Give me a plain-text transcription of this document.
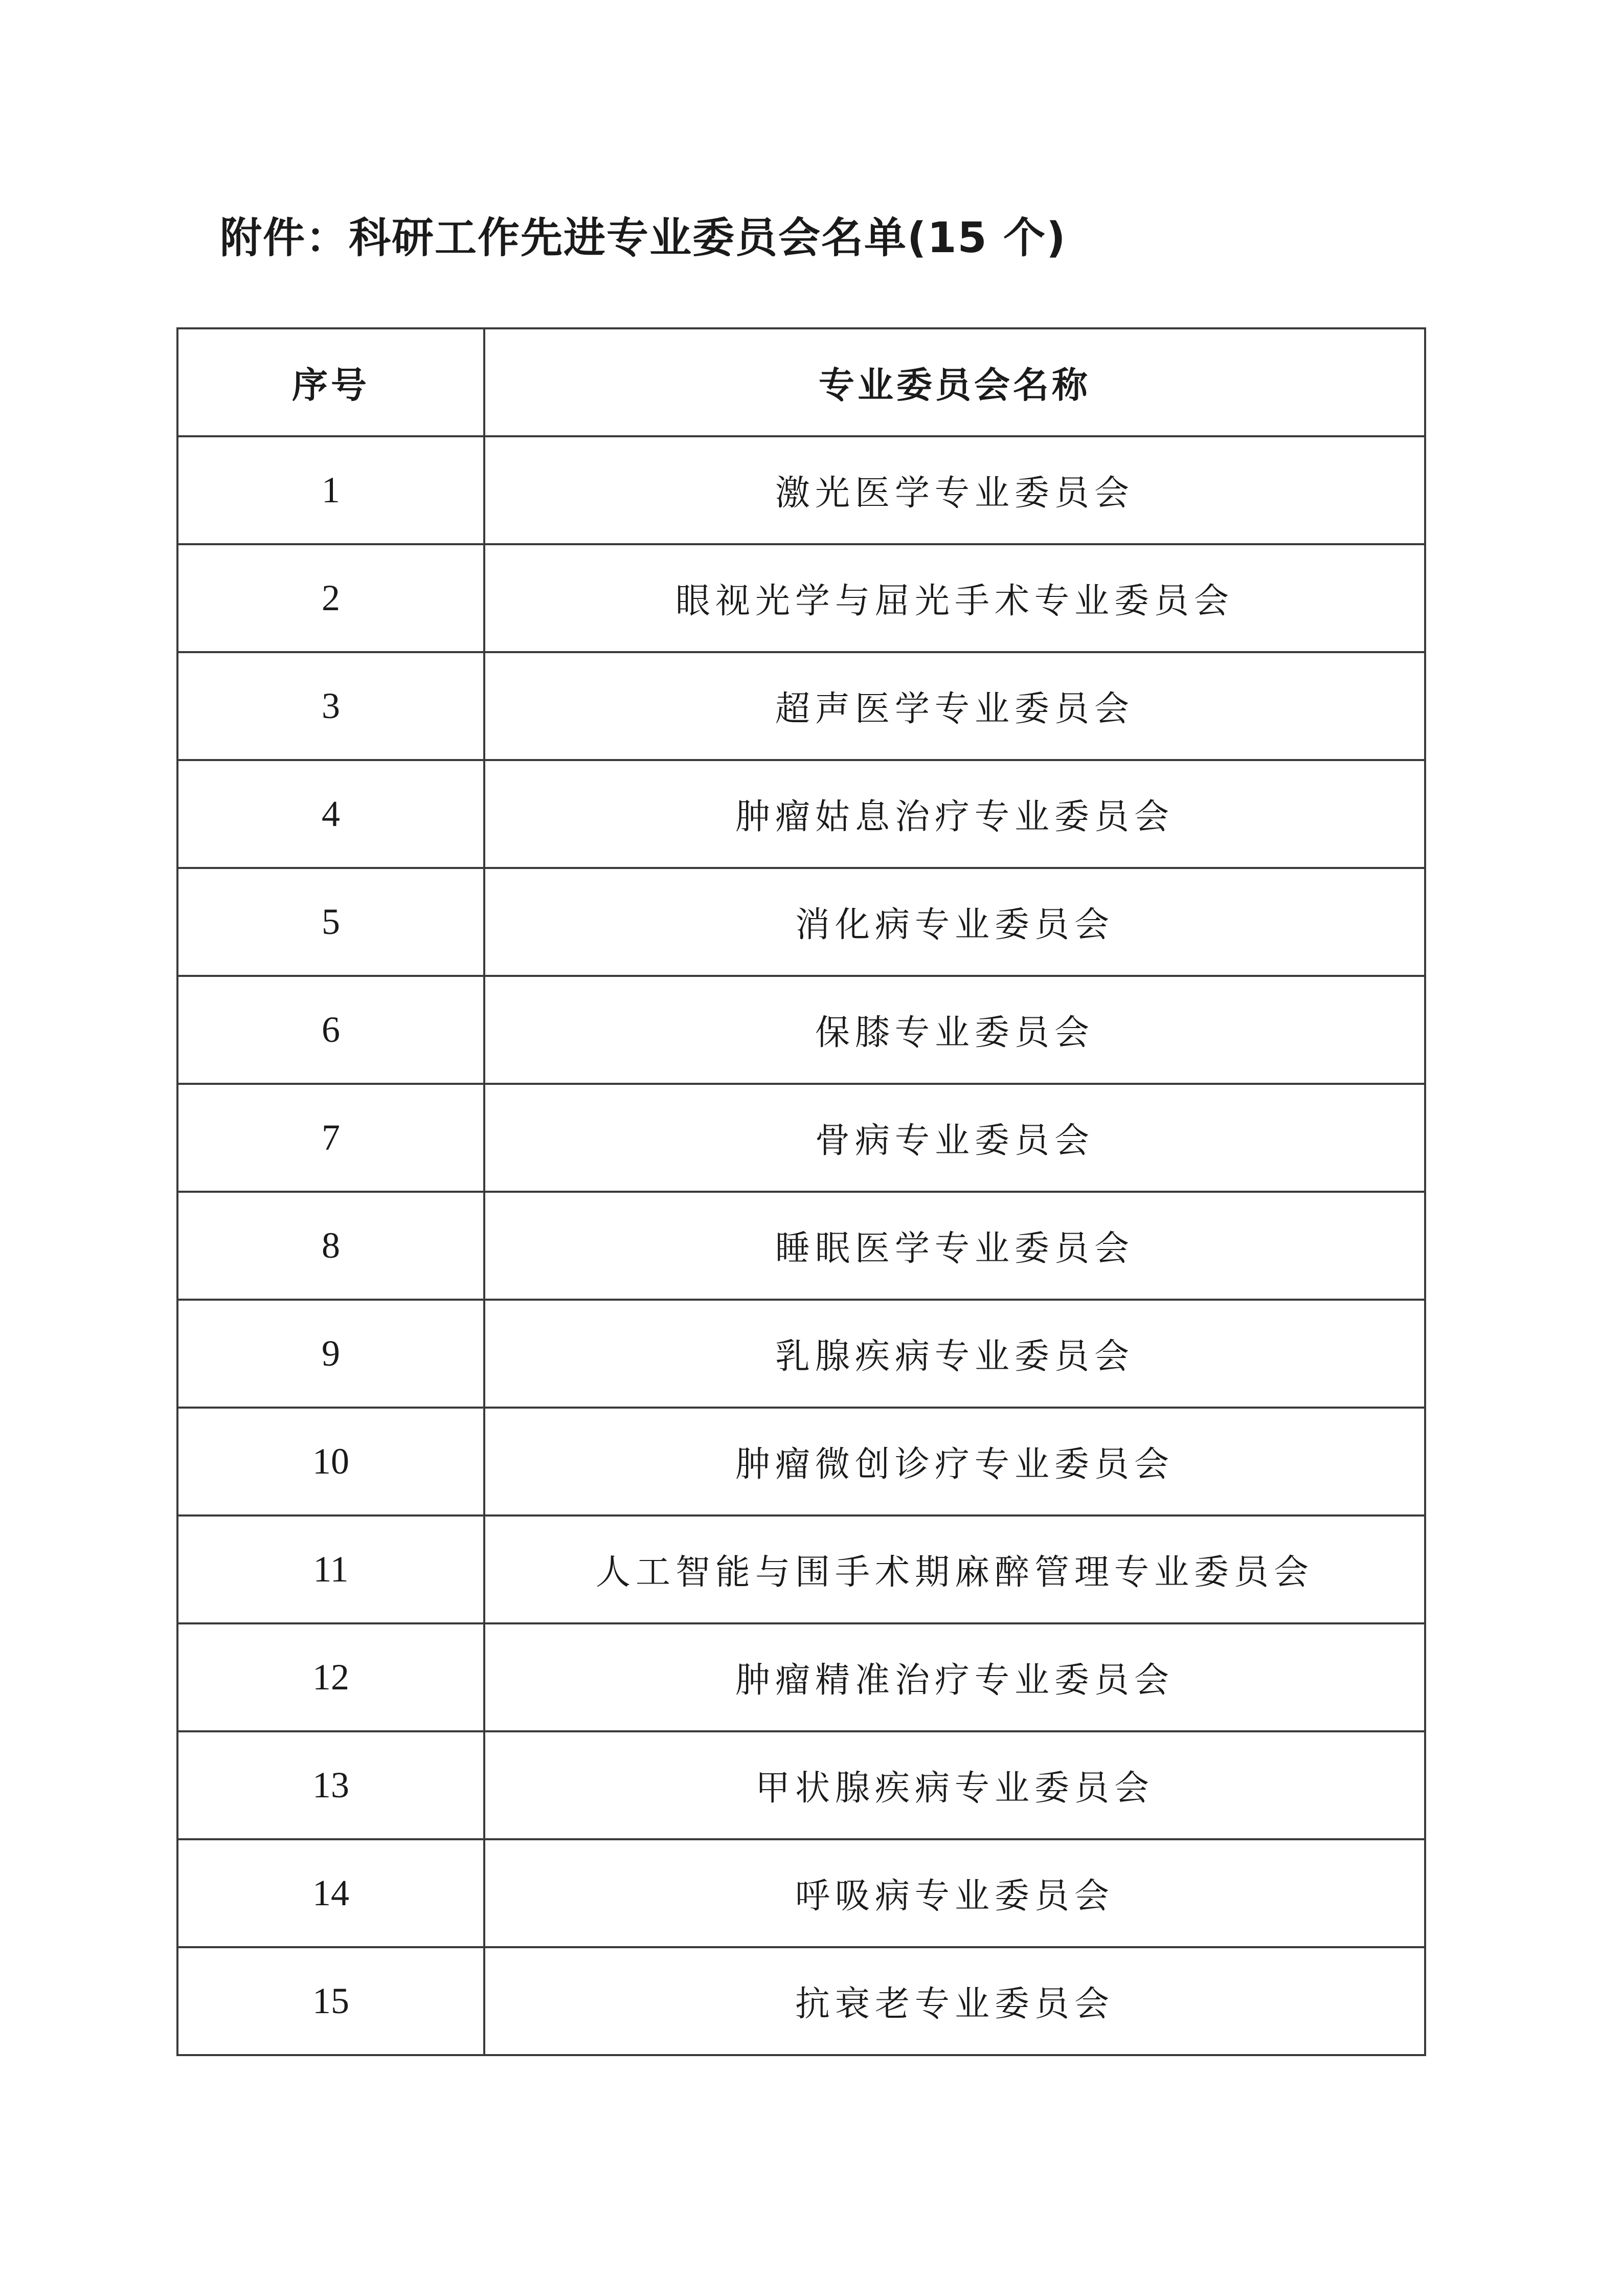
附件：科研工作先进专业委员会名单(15 个)
序号	专业委员会名称
1	激光医学专业委员会
2	眼视光学与屈光手术专业委员会
3	超声医学专业委员会
4	肿瘤姑息治疗专业委员会
5	消化病专业委员会
6	保膝专业委员会
7	骨病专业委员会
8	睡眠医学专业委员会
9	乳腺疾病专业委员会
10	肿瘤微创诊疗专业委员会
11	人工智能与围手术期麻醉管理专业委员会
12	肿瘤精准治疗专业委员会
13	甲状腺疾病专业委员会
14	呼吸病专业委员会
15	抗衰老专业委员会
